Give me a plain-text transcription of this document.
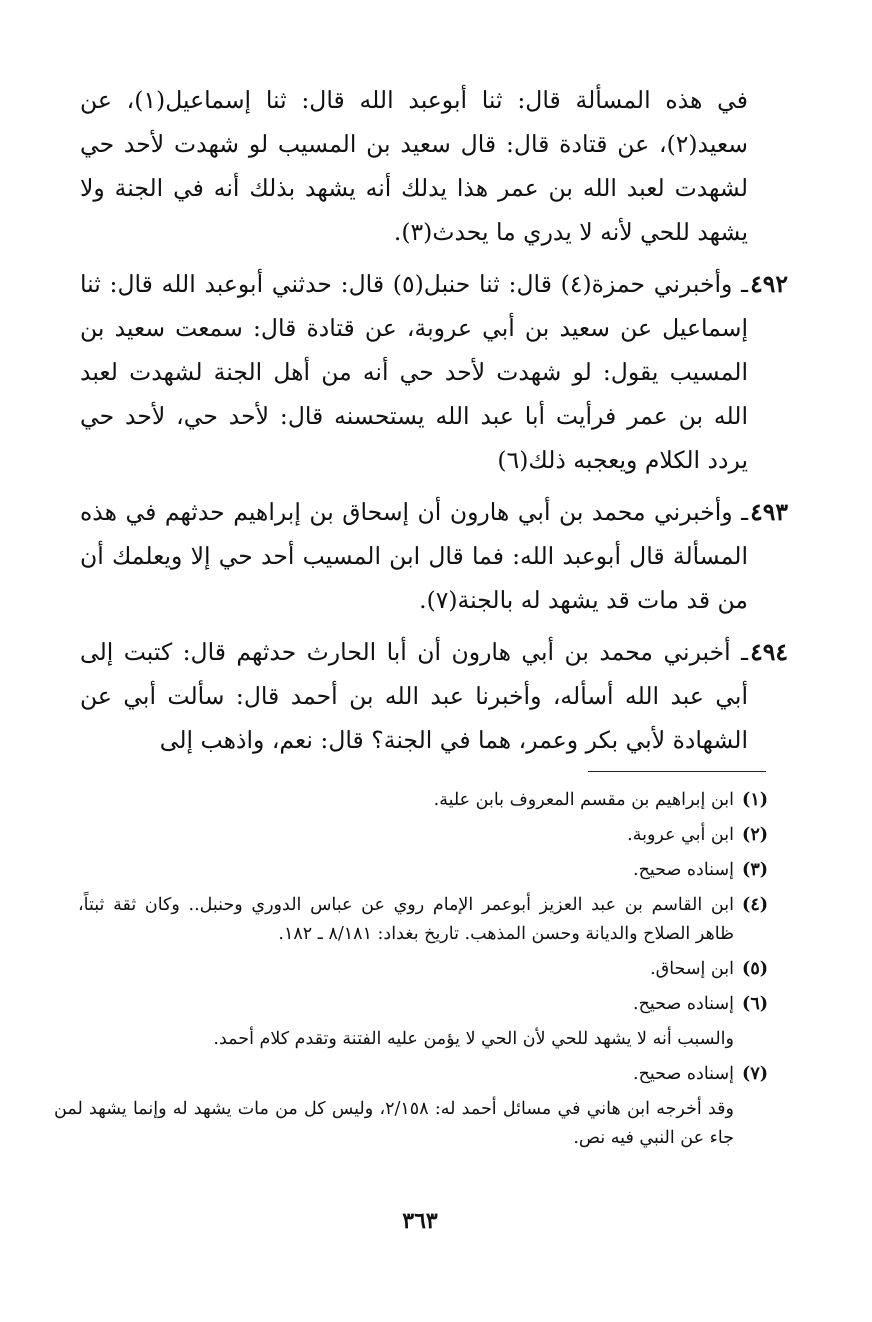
في هذه المسألة قال: ثنا أبوعبد الله قال: ثنا إسماعيل(١)، عن سعيد(٢)، عن قتادة قال: قال سعيد بن المسيب لو شهدت لأحد حي لشهدت لعبد الله بن عمر هذا يدلك أنه يشهد بذلك أنه في الجنة ولا يشهد للحي لأنه لا يدري ما يحدث(٣).
٤٩٢
ـ وأخبرني حمزة(٤) قال: ثنا حنبل(٥) قال: حدثني أبوعبد الله قال: ثنا إسماعيل عن سعيد بن أبي عروبة، عن قتادة قال: سمعت سعيد بن المسيب يقول: لو شهدت لأحد حي أنه من أهل الجنة لشهدت لعبد الله بن عمر فرأيت أبا عبد الله يستحسنه قال: لأحد حي، لأحد حي يردد الكلام ويعجبه ذلك(٦)
٤٩٣
ـ وأخبرني محمد بن أبي هارون أن إسحاق بن إبراهيم حدثهم في هذه المسألة قال أبوعبد الله: فما قال ابن المسيب أحد حي إلا ويعلمك أن من قد مات قد يشهد له بالجنة(٧).
٤٩٤
ـ أخبرني محمد بن أبي هارون أن أبا الحارث حدثهم قال: كتبت إلى أبي عبد الله أسأله، وأخبرنا عبد الله بن أحمد قال: سألت أبي عن الشهادة لأبي بكر وعمر، هما في الجنة؟ قال: نعم، واذهب إلى
(١)
ابن إبراهيم بن مقسم المعروف بابن علية.
(٢)
ابن أبي عروبة.
(٣)
إسناده صحيح.
(٤)
ابن القاسم بن عبد العزيز أبوعمر الإمام روي عن عباس الدوري وحنبل.. وكان ثقة ثبتاً، ظاهر الصلاح والديانة وحسن المذهب. تاريخ بغداد: ٨/١٨١ ـ ١٨٢.
(٥)
ابن إسحاق.
(٦)
إسناده صحيح.
والسبب أنه لا يشهد للحي لأن الحي لا يؤمن عليه الفتنة وتقدم كلام أحمد.
(٧)
إسناده صحيح.
وقد أخرجه ابن هاني في مسائل أحمد له: ٢/١٥٨، وليس كل من مات يشهد له وإنما يشهد لمن جاء عن النبي فيه نص.
٣٦٣
